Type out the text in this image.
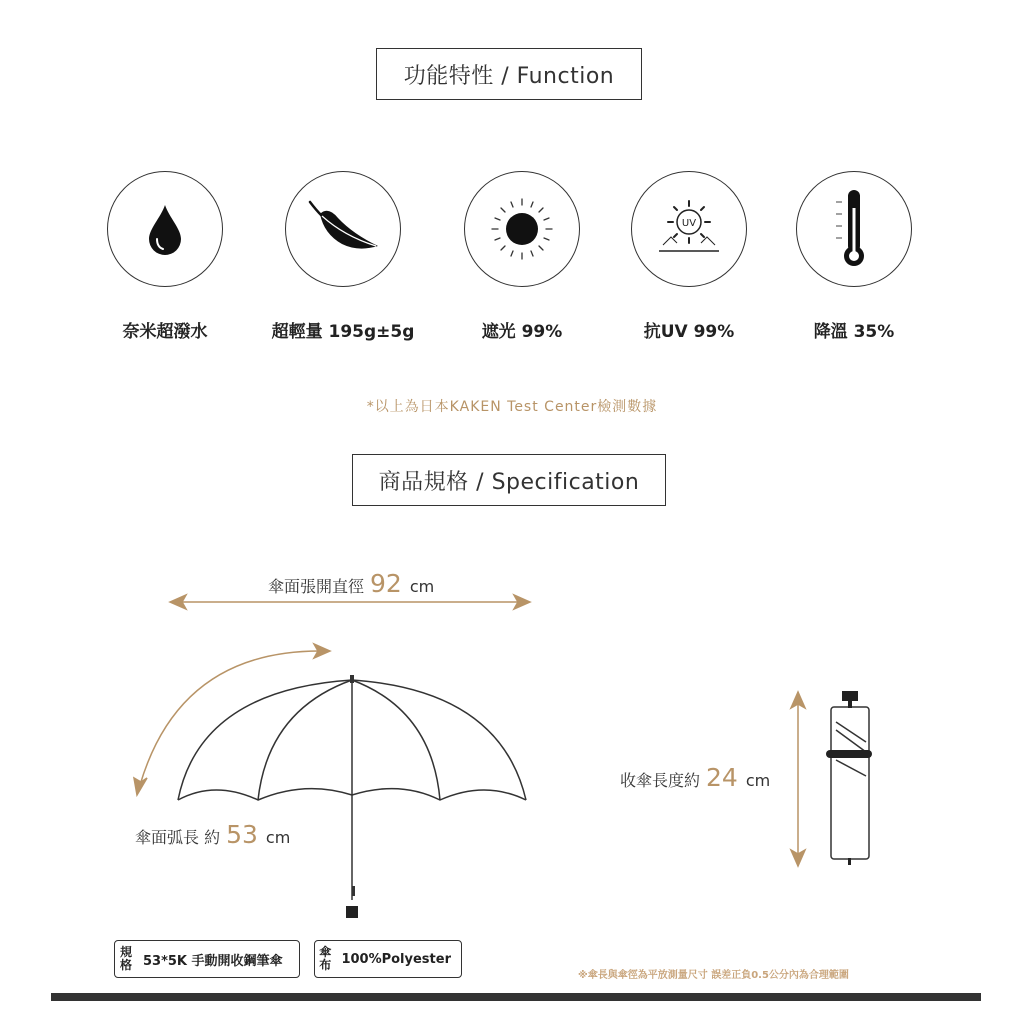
功能特性 / Function
奈米超潑水	超輕量 195g±5g	遮光 99%
UV
抗UV 99%	降溫 35%
*以上為日本KAKEN Test Center檢測數據
商品規格 / Specification
傘面張開直徑 92 cm
傘面弧長 約 53 cm
收傘長度約 24 cm
規格 53*5K 手動開收鋼筆傘
傘布 100%Polyester
※傘長與傘徑為平放測量尺寸 誤差正負0.5公分內為合理範圍
